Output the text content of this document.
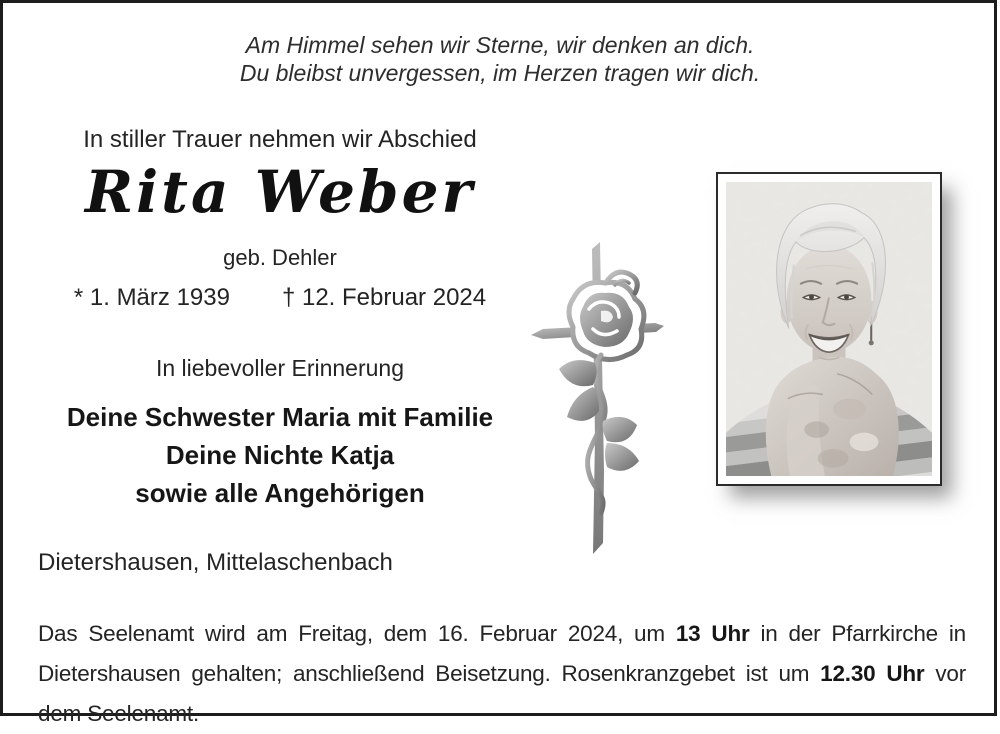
Am Himmel sehen wir Sterne, wir denken an dich.
Du bleibst unvergessen, im Herzen tragen wir dich.
In stiller Trauer nehmen wir Abschied
Rita Weber
geb. Dehler
* 1. März 1939 † 12. Februar 2024
In liebevoller Erinnerung
Deine Schwester Maria mit Familie
Deine Nichte Katja
sowie alle Angehörigen
Dietershausen, Mittelaschenbach

Das Seelenamt wird am Freitag, dem 16. Februar 2024, um 13 Uhr in der Pfarrkirche in Dietershausen gehalten; anschließend Beisetzung. Rosenkranzgebet ist um 12.30 Uhr vor dem Seelenamt.
